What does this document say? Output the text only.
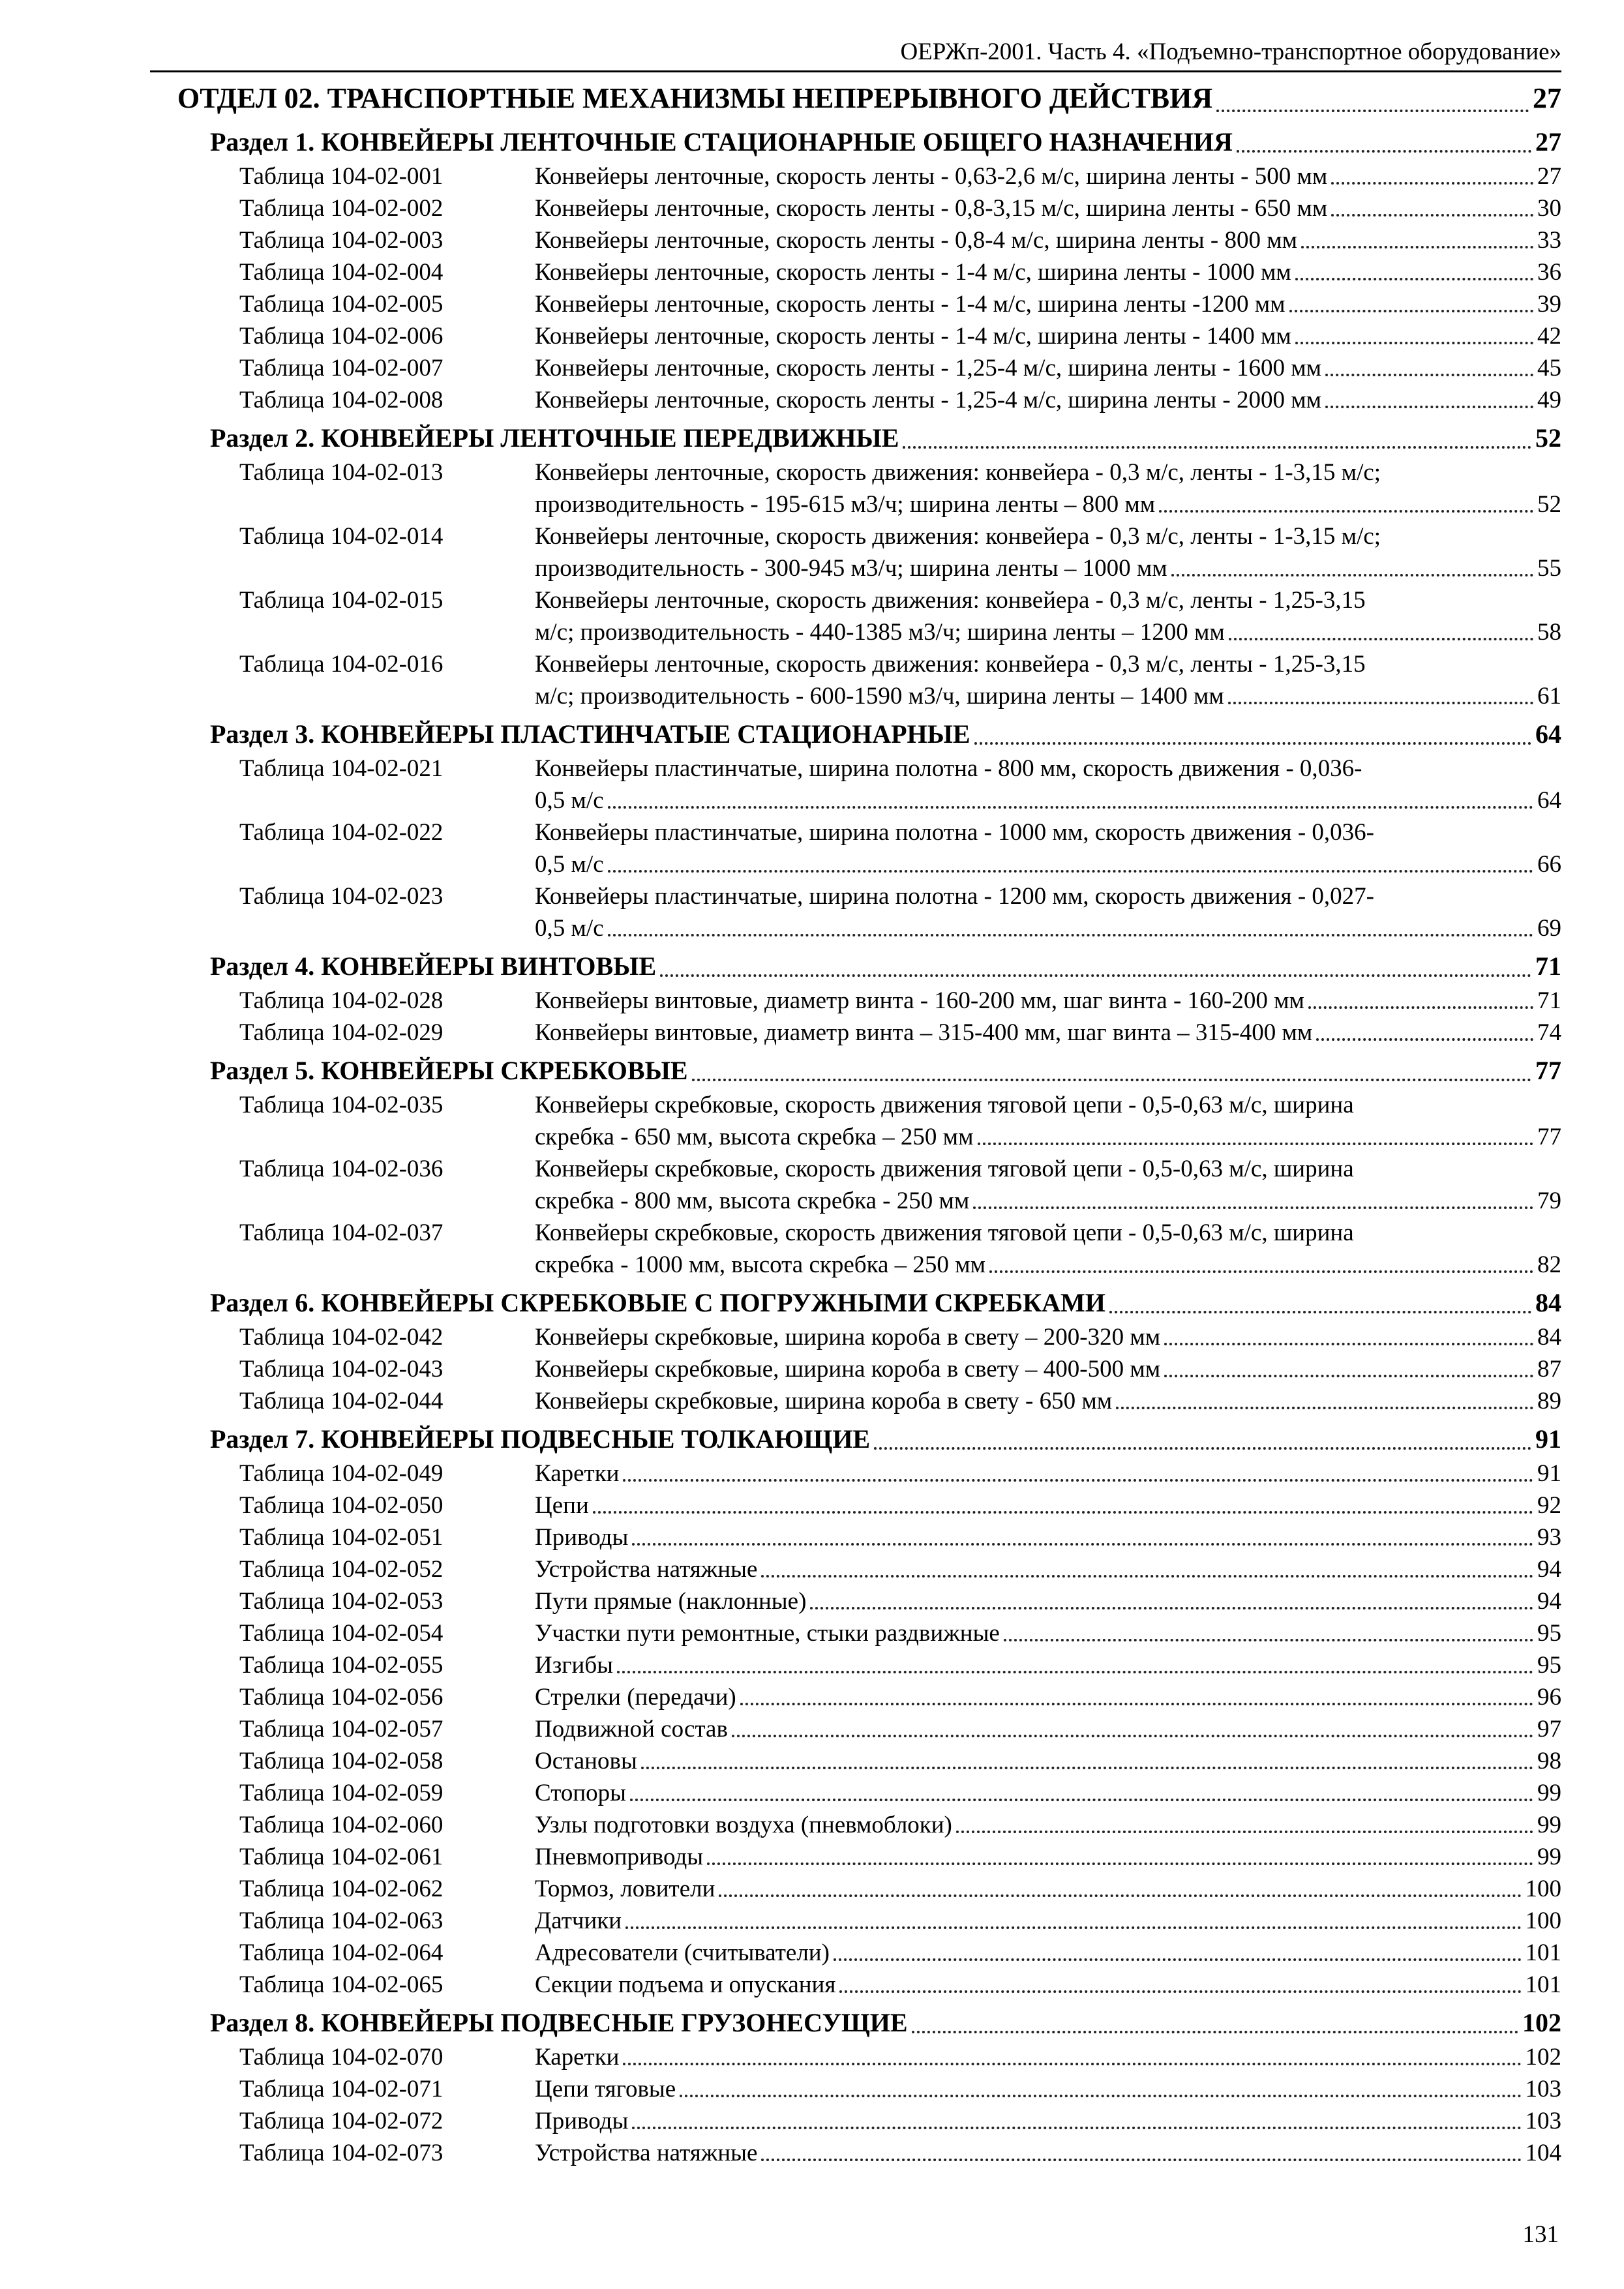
ОЕРЖп-2001. Часть 4. «Подъемно-транспортное оборудование»
ОТДЕЛ 02. ТРАНСПОРТНЫЕ МЕХАНИЗМЫ НЕПРЕРЫВНОГО ДЕЙСТВИЯ	27
Раздел 1. КОНВЕЙЕРЫ ЛЕНТОЧНЫЕ СТАЦИОНАРНЫЕ ОБЩЕГО НАЗНАЧЕНИЯ	27
Таблица 104-02-001	Конвейеры ленточные, скорость ленты - 0,63-2,6 м/с, ширина ленты - 500 мм	27
Таблица 104-02-002	Конвейеры ленточные, скорость ленты - 0,8-3,15 м/с, ширина ленты - 650 мм	30
Таблица 104-02-003	Конвейеры ленточные, скорость ленты - 0,8-4 м/с, ширина ленты - 800 мм	33
Таблица 104-02-004	Конвейеры ленточные, скорость ленты - 1-4 м/с, ширина ленты - 1000 мм	36
Таблица 104-02-005	Конвейеры ленточные, скорость ленты - 1-4 м/с, ширина ленты -1200 мм	39
Таблица 104-02-006	Конвейеры ленточные, скорость ленты - 1-4 м/с, ширина ленты - 1400 мм	42
Таблица 104-02-007	Конвейеры ленточные, скорость ленты - 1,25-4 м/с, ширина ленты - 1600 мм	45
Таблица 104-02-008	Конвейеры ленточные, скорость ленты - 1,25-4 м/с, ширина ленты - 2000 мм	49
Раздел 2. КОНВЕЙЕРЫ ЛЕНТОЧНЫЕ ПЕРЕДВИЖНЫЕ	52
Таблица 104-02-013	Конвейеры ленточные, скорость движения: конвейера - 0,3 м/с, ленты - 1-3,15 м/с;
производительность - 195-615 м3/ч; ширина ленты – 800 мм	52
Таблица 104-02-014	Конвейеры ленточные, скорость движения: конвейера - 0,3 м/с, ленты - 1-3,15 м/с;
производительность - 300-945 м3/ч; ширина ленты – 1000 мм	55
Таблица 104-02-015	Конвейеры ленточные, скорость движения: конвейера - 0,3 м/с, ленты - 1,25-3,15
м/с; производительность - 440-1385 м3/ч; ширина ленты – 1200 мм	58
Таблица 104-02-016	Конвейеры ленточные, скорость движения: конвейера - 0,3 м/с, ленты - 1,25-3,15
м/с; производительность - 600-1590 м3/ч, ширина ленты – 1400 мм	61
Раздел 3. КОНВЕЙЕРЫ ПЛАСТИНЧАТЫЕ СТАЦИОНАРНЫЕ	64
Таблица 104-02-021	Конвейеры пластинчатые, ширина полотна - 800 мм, скорость движения - 0,036-
0,5 м/с	64
Таблица 104-02-022	Конвейеры пластинчатые, ширина полотна - 1000 мм, скорость движения - 0,036-
0,5 м/с	66
Таблица 104-02-023	Конвейеры пластинчатые, ширина полотна - 1200 мм, скорость движения - 0,027-
0,5 м/с	69
Раздел 4. КОНВЕЙЕРЫ ВИНТОВЫЕ	71
Таблица 104-02-028	Конвейеры винтовые, диаметр винта - 160-200 мм, шаг винта - 160-200 мм	71
Таблица 104-02-029	Конвейеры винтовые, диаметр винта – 315-400 мм, шаг винта – 315-400 мм	74
Раздел 5. КОНВЕЙЕРЫ СКРЕБКОВЫЕ	77
Таблица 104-02-035	Конвейеры скребковые, скорость движения тяговой цепи - 0,5-0,63 м/с, ширина
скребка - 650 мм, высота скребка – 250 мм	77
Таблица 104-02-036	Конвейеры скребковые, скорость движения тяговой цепи - 0,5-0,63 м/с, ширина
скребка - 800 мм, высота скребка - 250 мм	79
Таблица 104-02-037	Конвейеры скребковые, скорость движения тяговой цепи - 0,5-0,63 м/с, ширина
скребка - 1000 мм, высота скребка – 250 мм	82
Раздел 6. КОНВЕЙЕРЫ СКРЕБКОВЫЕ С ПОГРУЖНЫМИ СКРЕБКАМИ	84
Таблица 104-02-042	Конвейеры скребковые, ширина короба в свету – 200-320 мм	84
Таблица 104-02-043	Конвейеры скребковые, ширина короба в свету – 400-500 мм	87
Таблица 104-02-044	Конвейеры скребковые, ширина короба в свету - 650 мм	89
Раздел 7. КОНВЕЙЕРЫ ПОДВЕСНЫЕ ТОЛКАЮЩИЕ	91
Таблица 104-02-049	Каретки	91
Таблица 104-02-050	Цепи	92
Таблица 104-02-051	Приводы	93
Таблица 104-02-052	Устройства натяжные	94
Таблица 104-02-053	Пути прямые (наклонные)	94
Таблица 104-02-054	Участки пути ремонтные, стыки раздвижные	95
Таблица 104-02-055	Изгибы	95
Таблица 104-02-056	Стрелки (передачи)	96
Таблица 104-02-057	Подвижной состав	97
Таблица 104-02-058	Остановы	98
Таблица 104-02-059	Стопоры	99
Таблица 104-02-060	Узлы подготовки воздуха (пневмоблоки)	99
Таблица 104-02-061	Пневмоприводы	99
Таблица 104-02-062	Тормоз, ловители	100
Таблица 104-02-063	Датчики	100
Таблица 104-02-064	Адресователи (считыватели)	101
Таблица 104-02-065	Секции подъема и опускания	101
Раздел 8. КОНВЕЙЕРЫ ПОДВЕСНЫЕ ГРУЗОНЕСУЩИЕ	102
Таблица 104-02-070	Каретки	102
Таблица 104-02-071	Цепи тяговые	103
Таблица 104-02-072	Приводы	103
Таблица 104-02-073	Устройства натяжные	104
131
